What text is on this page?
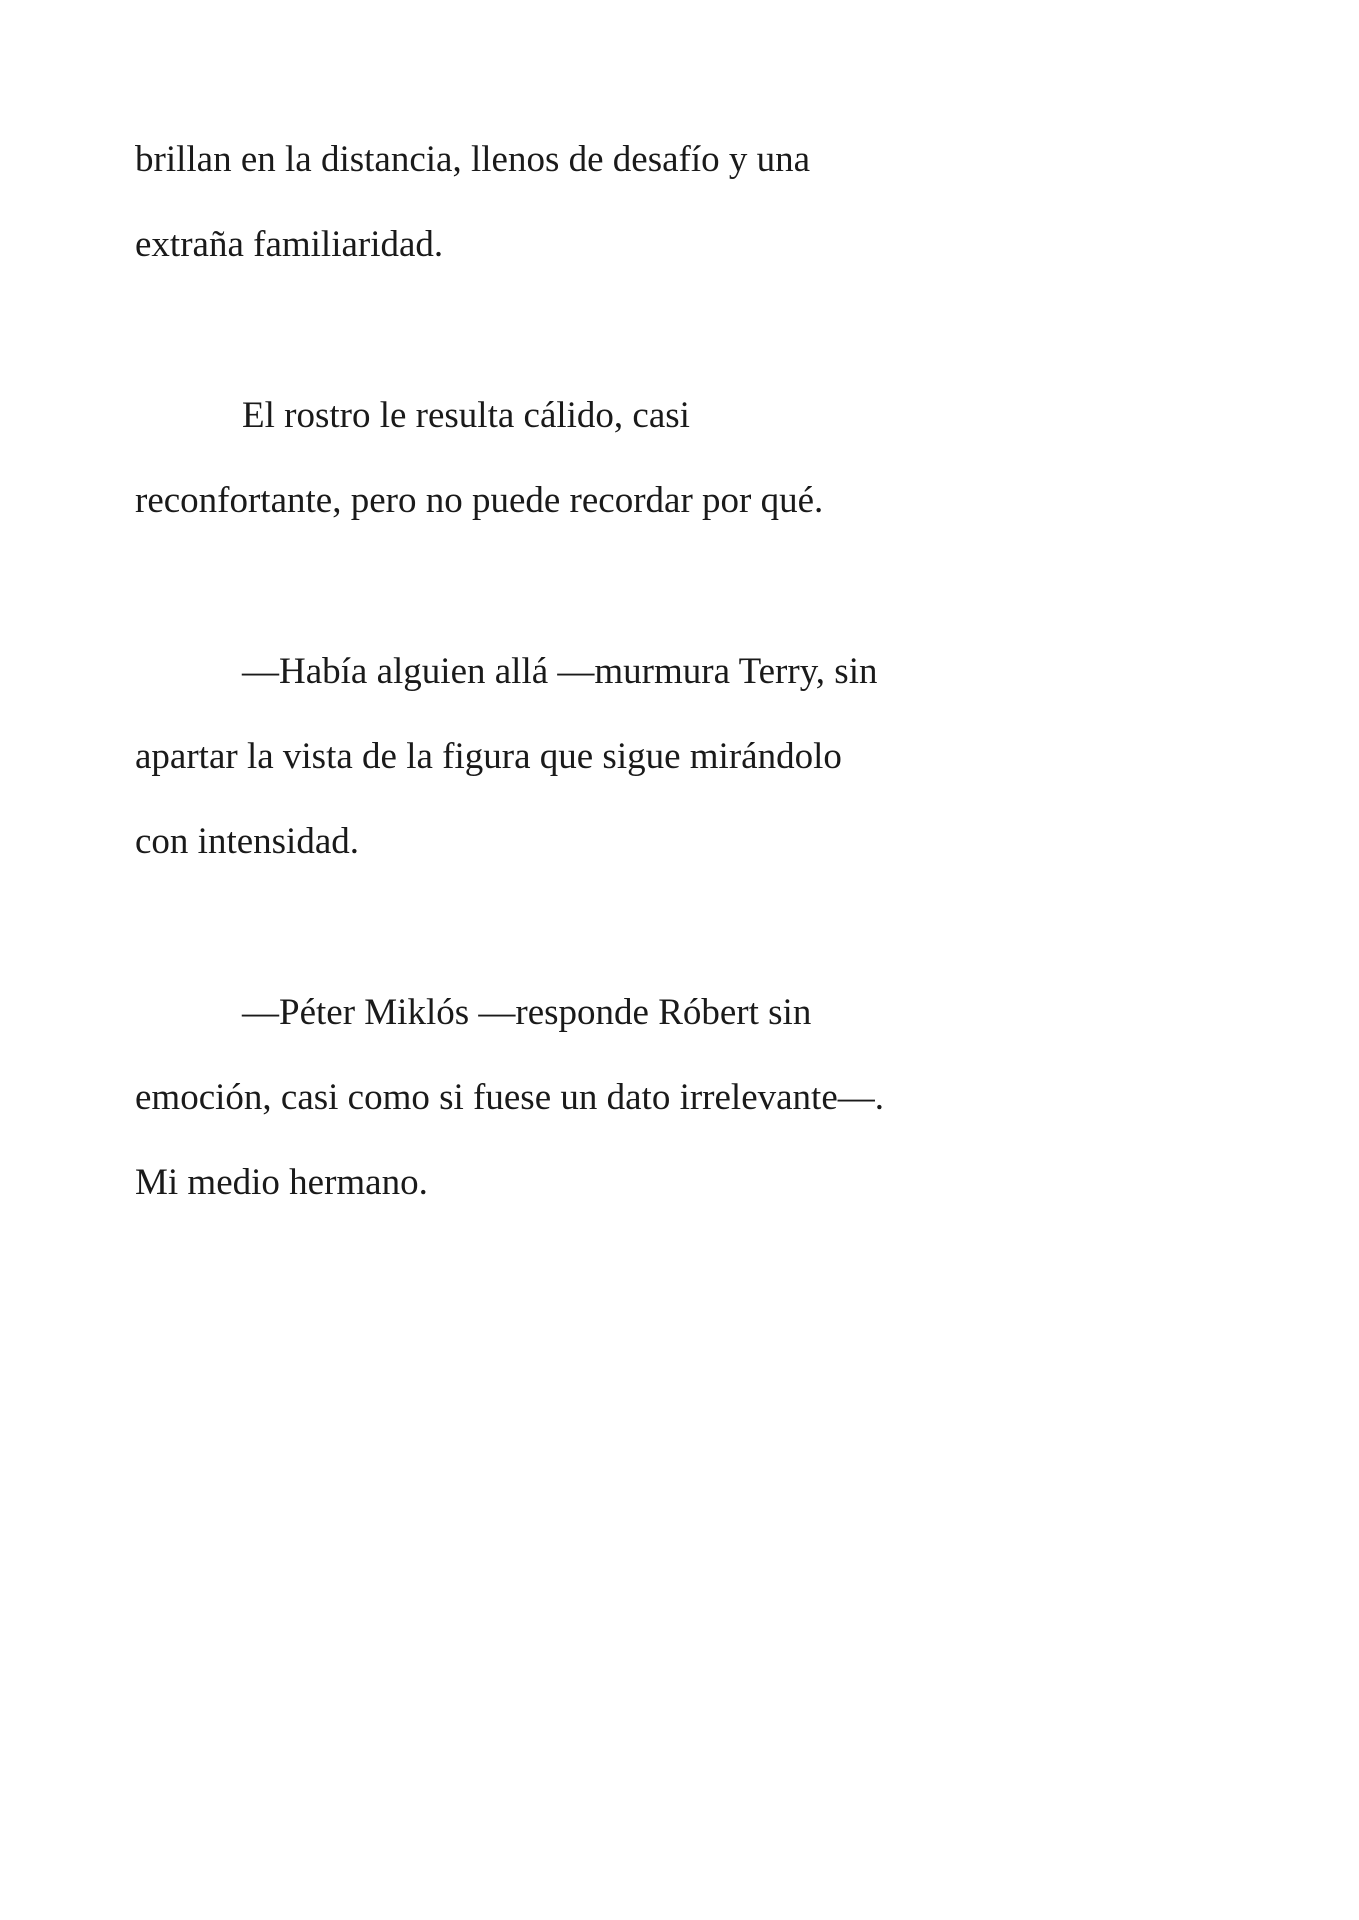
brillan en la distancia, llenos de desafío y una

extraña familiaridad.

El rostro le resulta cálido, casi

reconfortante, pero no puede recordar por qué.

—Había alguien allá —murmura Terry, sin

apartar la vista de la figura que sigue mirándolo

con intensidad.

—Péter Miklós —responde Róbert sin

emoción, casi como si fuese un dato irrelevante—.

Mi medio hermano.
